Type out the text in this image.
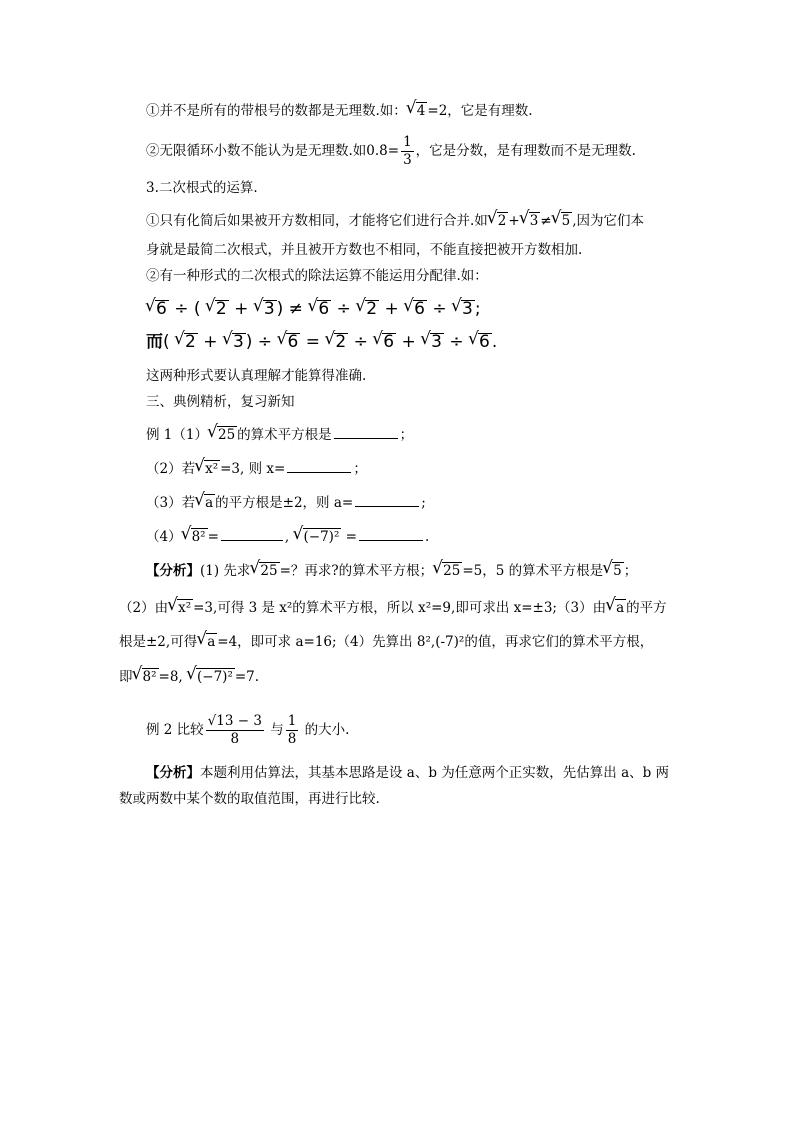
①并不是所有的带根号的数都是无理数.如： √ 4 =2，它是有理数.
②无限循环小数不能认为是无理数.如0.8̇= $\frac{1}{3}$ ，它是分数，是有理数而不是无理数.
3.二次根式的运算.
①只有化简后如果被开方数相同，才能将它们进行合并.如 √ 2 + √ 3 ≠ √ 5 ,因为它们本
身就是最简二次根式，并且被开方数也不相同，不能直接把被开方数相加.
②有一种形式的二次根式的除法运算不能运用分配律.如：
√ 6 ÷ ( √ 2 + √ 3 ) ≠ √ 6 ÷ √ 2 + √ 6 ÷ √ 3 ;
而( √ 2 + √ 3 ) ÷ √ 6 = √ 2 ÷ √ 6 + √ 3 ÷ √ 6 .
这两种形式要认真理解才能算得准确.
三、典例精析，复习新知
例 1（1） √ 25 的算术平方根是	；
（2）若 √ x² =3, 则 x=	；
（3）若 √ a 的平方根是±2，则 a=	;
（4） √ 8² =	, √ (−7)² =	.
【分析】(1) 先求 √ 25 =？再求?的算术平方根； √ 25 =5，5 的算术平方根是 √ 5 ；
（2）由 √ x² =3,可得 3 是 x²的算术平方根，所以 x²=9,即可求出 x=±3;（3）由 √ a 的平方
根是±2,可得 √ a =4，即可求 a=16;（4）先算出 8²,(-7)²的值，再求它们的算术平方根，
即 √ 8² =8, √ (−7)² =7.
例 2 比较 $\frac{√13 - 3}{8}$ 与 $\frac{1}{8}$ 的大小.
【分析】本题利用估算法，其基本思路是设 a、b 为任意两个正实数，先估算出 a、b 两
数或两数中某个数的取值范围，再进行比较.
